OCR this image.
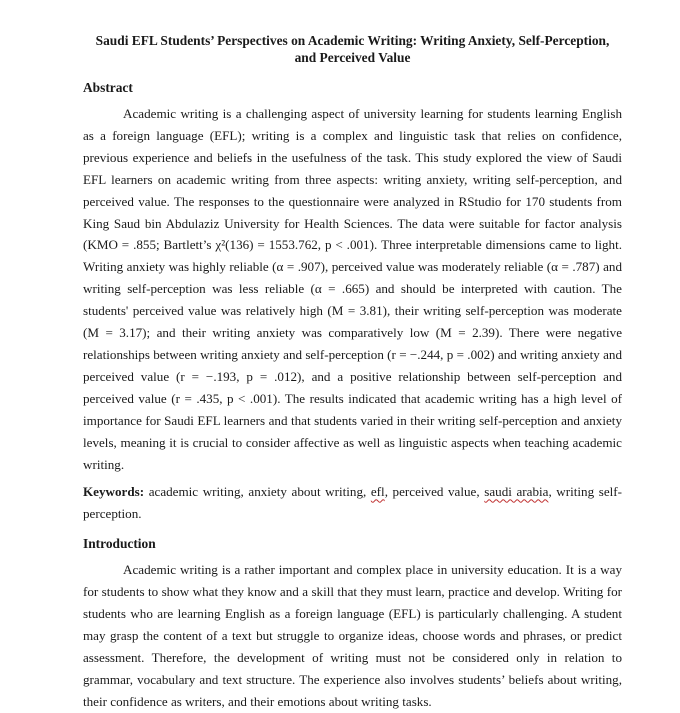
Saudi EFL Students’ Perspectives on Academic Writing: Writing Anxiety, Self-Perception,
and Perceived Value
Abstract

Academic writing is a challenging aspect of university learning for students learning English as a foreign language (EFL); writing is a complex and linguistic task that relies on confidence, previous experience and beliefs in the usefulness of the task. This study explored the view of Saudi EFL learners on academic writing from three aspects: writing anxiety, writing self-perception, and perceived value. The responses to the questionnaire were analyzed in RStudio for 170 students from King Saud bin Abdulaziz University for Health Sciences. The data were suitable for factor analysis (KMO = .855; Bartlett’s χ²(136) = 1553.762, p < .001). Three interpretable dimensions came to light. Writing anxiety was highly reliable (α = .907), perceived value was moderately reliable (α = .787) and writing self-perception was less reliable (α = .665) and should be interpreted with caution. The students' perceived value was relatively high (M = 3.81), their writing self-perception was moderate (M = 3.17); and their writing anxiety was comparatively low (M = 2.39). There were negative relationships between writing anxiety and self-perception (r = −.244, p = .002) and writing anxiety and perceived value (r = −.193, p = .012), and a positive relationship between self-perception and perceived value (r = .435, p < .001). The results indicated that academic writing has a high level of importance for Saudi EFL learners and that students varied in their writing self-perception and anxiety levels, meaning it is crucial to consider affective as well as linguistic aspects when teaching academic writing.

Keywords: academic writing, anxiety about writing, efl, perceived value, saudi arabia, writing self-perception.

Introduction

Academic writing is a rather important and complex place in university education. It is a way for students to show what they know and a skill that they must learn, practice and develop. Writing for students who are learning English as a foreign language (EFL) is particularly challenging. A student may grasp the content of a text but struggle to organize ideas, choose words and phrases, or predict assessment. Therefore, the development of writing must not be considered only in relation to grammar, vocabulary and text structure. The experience also involves students’ beliefs about writing, their confidence as writers, and their emotions about writing tasks.
